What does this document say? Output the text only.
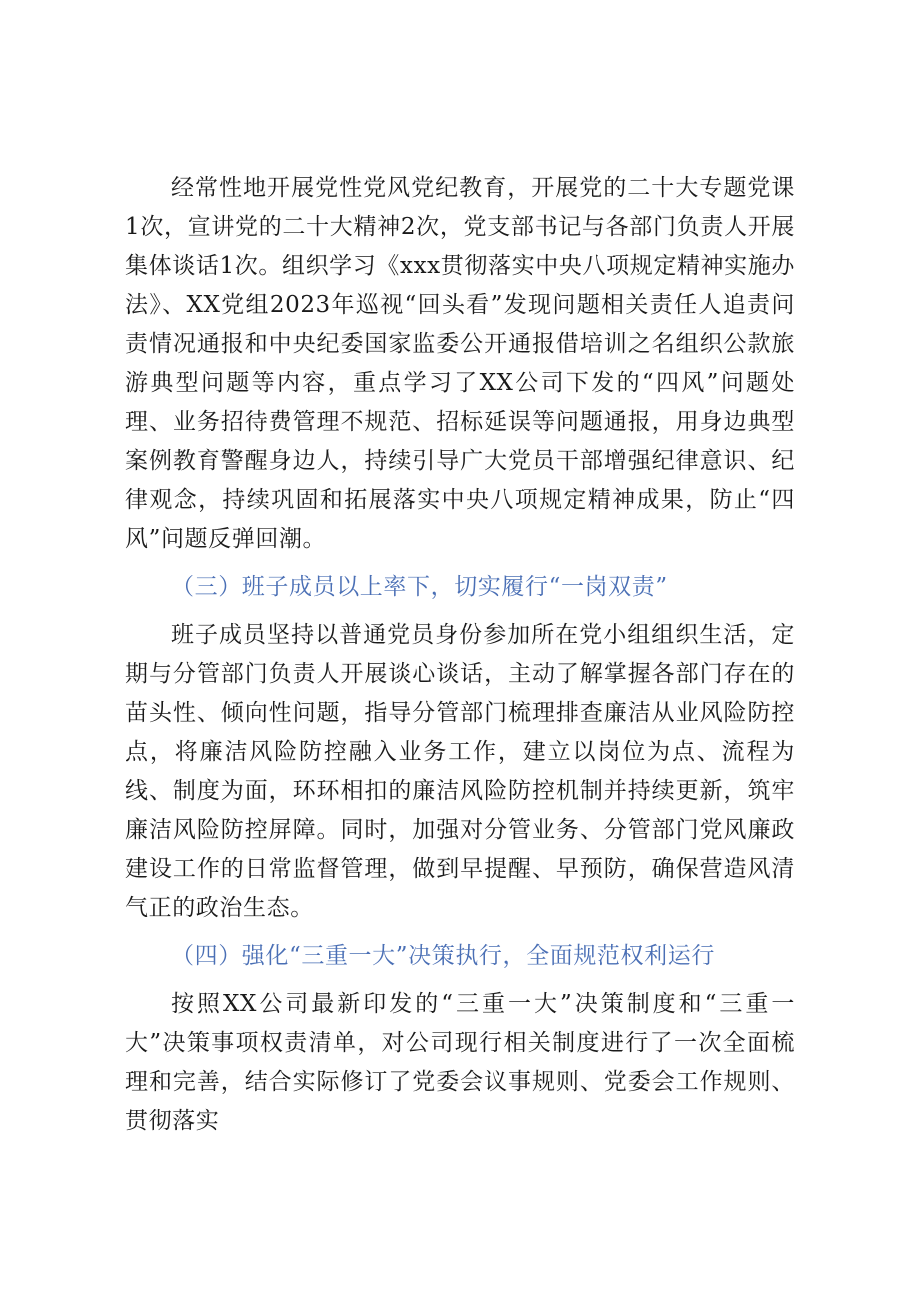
经常性地开展党性党风党纪教育，开展党的二十大专题党课1次，宣讲党的二十大精神2次，党支部书记与各部门负责人开展集体谈话1次。组织学习《xxx贯彻落实中央八项规定精神实施办法》、XX党组2023年巡视“回头看”发现问题相关责任人追责问责情况通报和中央纪委国家监委公开通报借培训之名组织公款旅游典型问题等内容，重点学习了XX公司下发的“四风”问题处理、业务招待费管理不规范、招标延误等问题通报，用身边典型案例教育警醒身边人，持续引导广大党员干部增强纪律意识、纪律观念，持续巩固和拓展落实中央八项规定精神成果，防止“四风”问题反弹回潮。

（三）班子成员以上率下，切实履行“一岗双责”

班子成员坚持以普通党员身份参加所在党小组组织生活，定期与分管部门负责人开展谈心谈话，主动了解掌握各部门存在的苗头性、倾向性问题，指导分管部门梳理排查廉洁从业风险防控点，将廉洁风险防控融入业务工作，建立以岗位为点、流程为线、制度为面，环环相扣的廉洁风险防控机制并持续更新，筑牢廉洁风险防控屏障。同时，加强对分管业务、分管部门党风廉政建设工作的日常监督管理，做到早提醒、早预防，确保营造风清气正的政治生态。

（四）强化“三重一大”决策执行，全面规范权利运行

按照XX公司最新印发的“三重一大”决策制度和“三重一大”决策事项权责清单，对公司现行相关制度进行了一次全面梳理和完善，结合实际修订了党委会议事规则、党委会工作规则、贯彻落实
